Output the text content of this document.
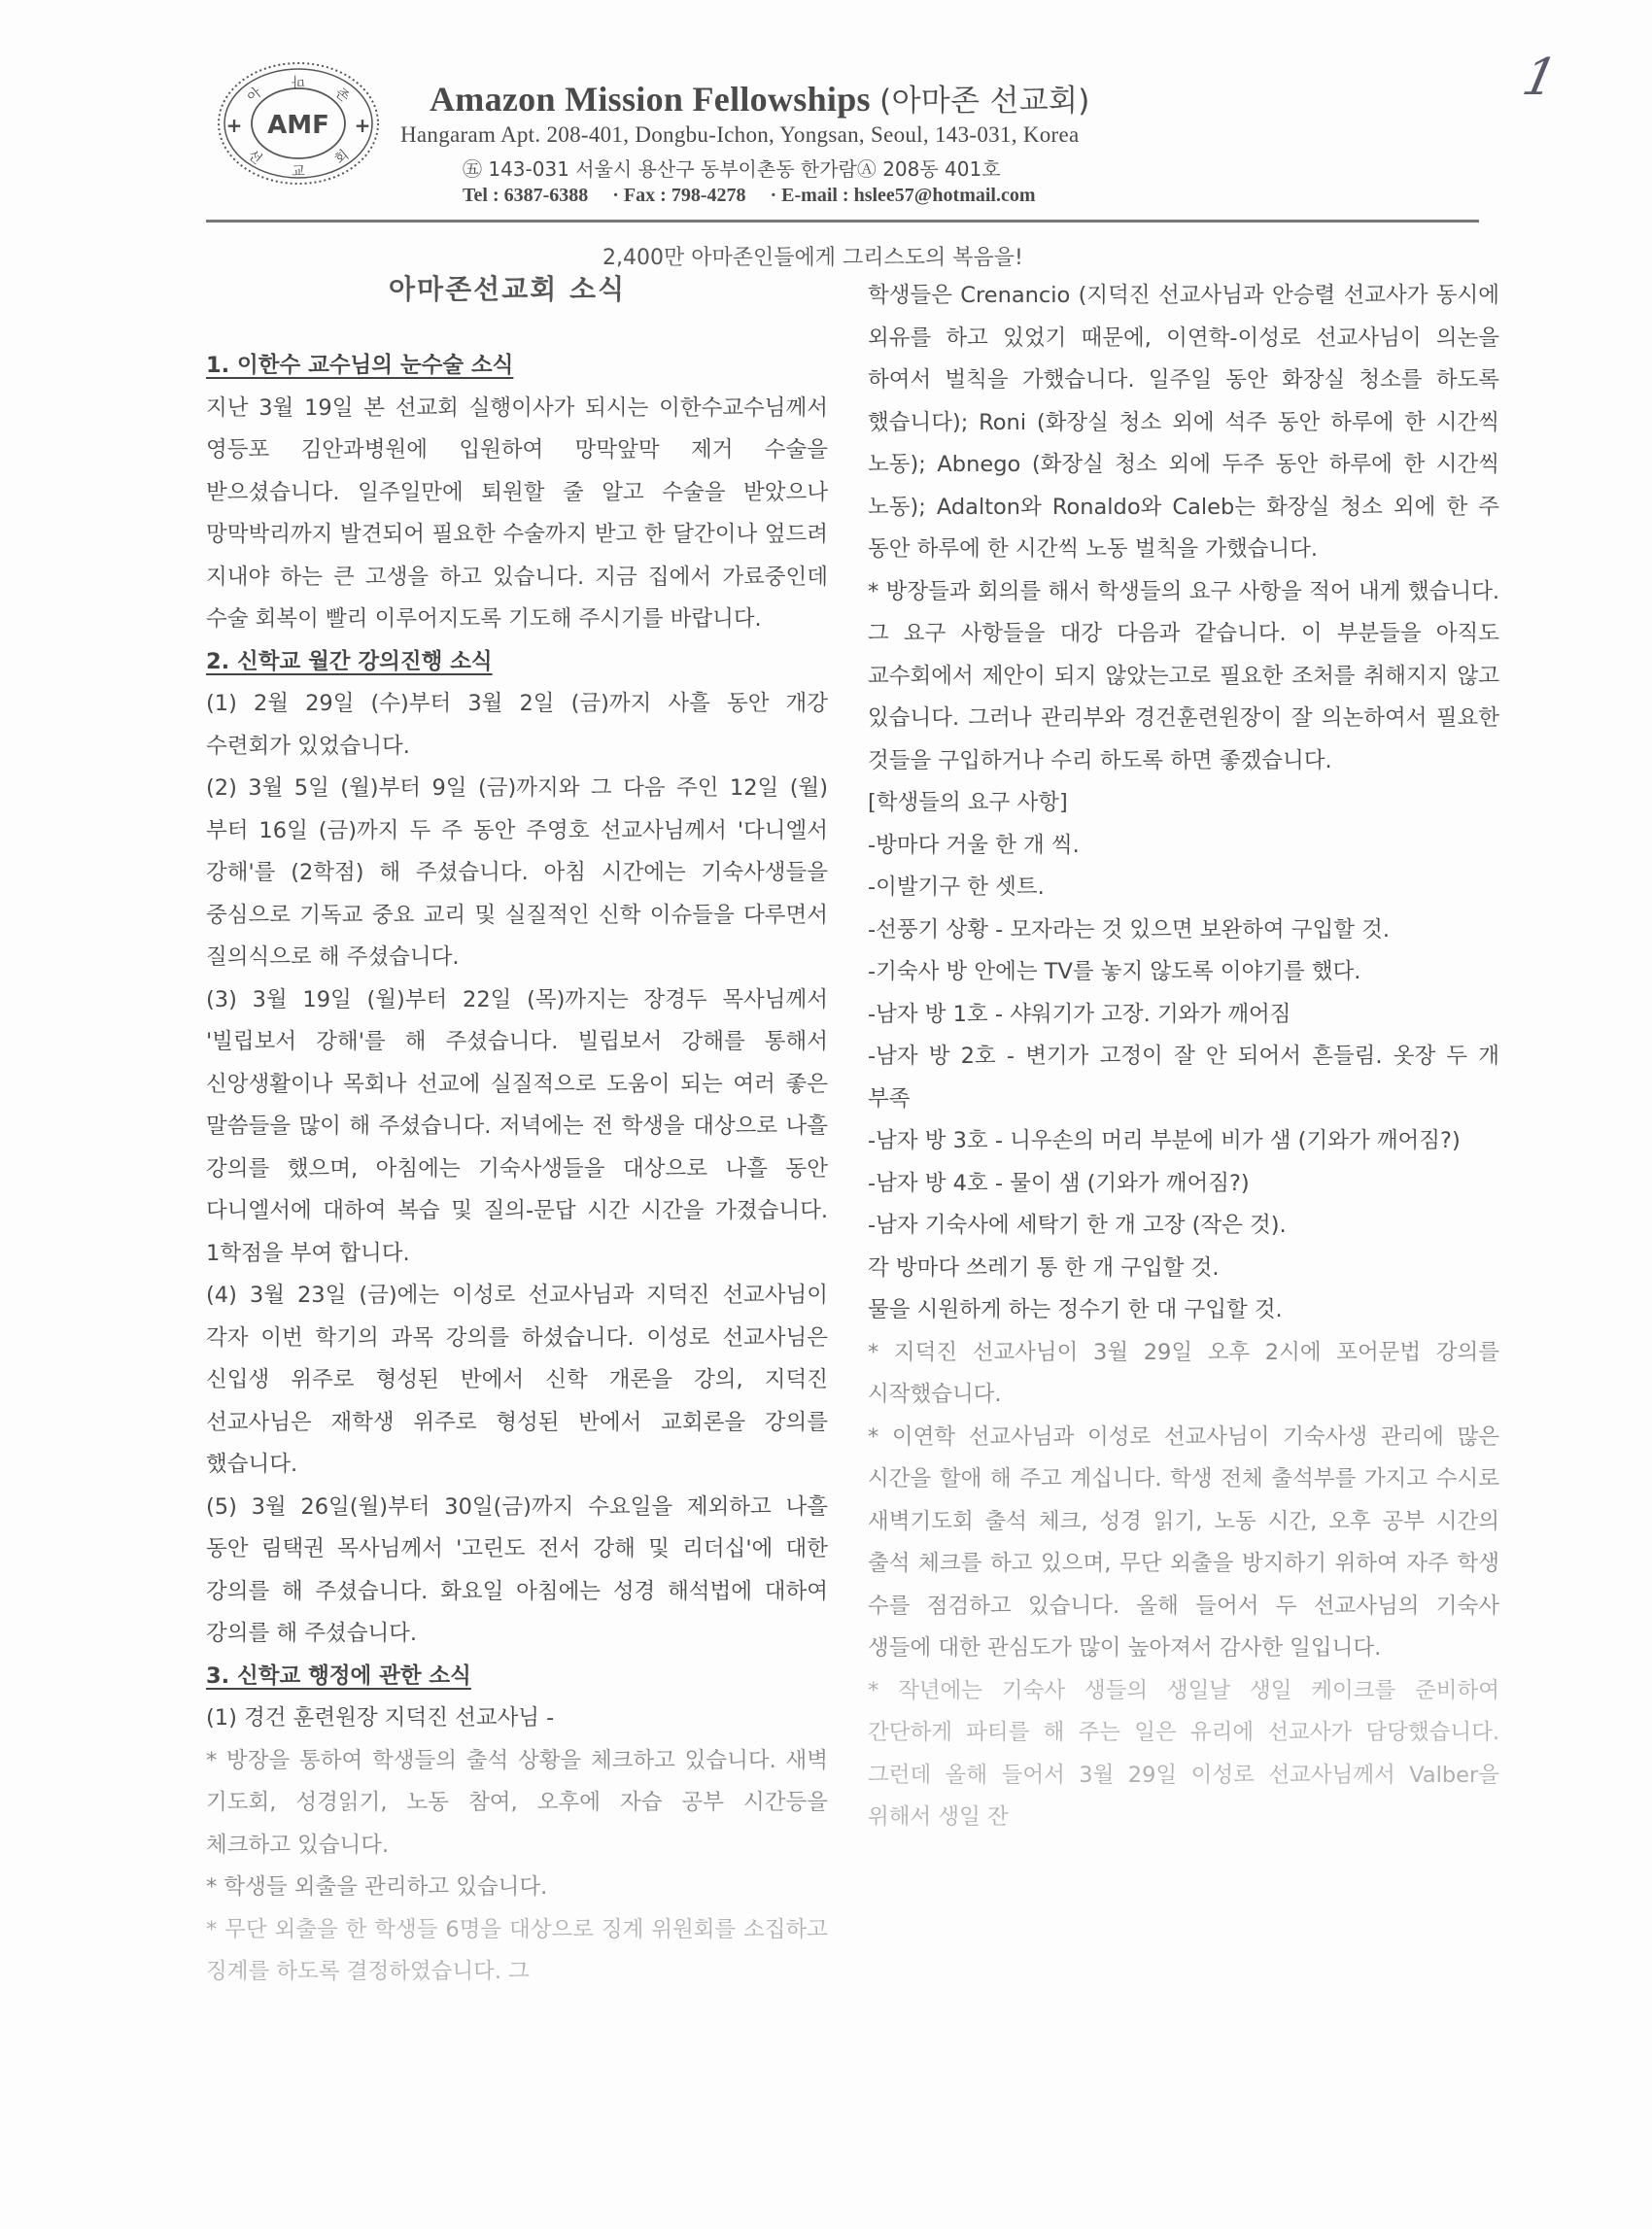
AMF
+	+
마
아	존
선
교
회
1
Amazon Mission Fellowships (아마존 선교회)
Hangaram Apt. 208-401, Dongbu-Ichon, Yongsan, Seoul, 143-031, Korea
㊄ 143-031 서울시 용산구 동부이촌동 한가람Ⓐ 208동 401호
Tel : 6387-6388 · Fax : 798-4278 · E-mail : hslee57@hotmail.com
2,400만 아마존인들에게 그리스도의 복음을!
아마존선교회 소식

1. 이한수 교수님의 눈수술 소식

지난 3월 19일 본 선교회 실행이사가 되시는 이한수교수님께서 영등포 김안과병원에 입원하여 망막앞막 제거 수술을 받으셨습니다. 일주일만에 퇴원할 줄 알고 수술을 받았으나 망막박리까지 발견되어 필요한 수술까지 받고 한 달간이나 엎드려 지내야 하는 큰 고생을 하고 있습니다. 지금 집에서 가료중인데 수술 회복이 빨리 이루어지도록 기도해 주시기를 바랍니다.

2. 신학교 월간 강의진행 소식

(1) 2월 29일 (수)부터 3월 2일 (금)까지 사흘 동안 개강 수련회가 있었습니다.

(2) 3월 5일 (월)부터 9일 (금)까지와 그 다음 주인 12일 (월)부터 16일 (금)까지 두 주 동안 주영호 선교사님께서 '다니엘서 강해'를 (2학점) 해 주셨습니다. 아침 시간에는 기숙사생들을 중심으로 기독교 중요 교리 및 실질적인 신학 이슈들을 다루면서 질의식으로 해 주셨습니다.

(3) 3월 19일 (월)부터 22일 (목)까지는 장경두 목사님께서 '빌립보서 강해'를 해 주셨습니다. 빌립보서 강해를 통해서 신앙생활이나 목회나 선교에 실질적으로 도움이 되는 여러 좋은 말씀들을 많이 해 주셨습니다. 저녁에는 전 학생을 대상으로 나흘 강의를 했으며, 아침에는 기숙사생들을 대상으로 나흘 동안 다니엘서에 대하여 복습 및 질의-문답 시간 시간을 가졌습니다. 1학점을 부여 합니다.

(4) 3월 23일 (금)에는 이성로 선교사님과 지덕진 선교사님이 각자 이번 학기의 과목 강의를 하셨습니다. 이성로 선교사님은 신입생 위주로 형성된 반에서 신학 개론을 강의, 지덕진 선교사님은 재학생 위주로 형성된 반에서 교회론을 강의를 했습니다.

(5) 3월 26일(월)부터 30일(금)까지 수요일을 제외하고 나흘 동안 림택권 목사님께서 '고린도 전서 강해 및 리더십'에 대한 강의를 해 주셨습니다. 화요일 아침에는 성경 해석법에 대하여 강의를 해 주셨습니다.

3. 신학교 행정에 관한 소식

(1) 경건 훈련원장 지덕진 선교사님 -

* 방장을 통하여 학생들의 출석 상황을 체크하고 있습니다. 새벽 기도회, 성경읽기, 노동 참여, 오후에 자습 공부 시간등을 체크하고 있습니다.

* 학생들 외출을 관리하고 있습니다.

* 무단 외출을 한 학생들 6명을 대상으로 징계 위원회를 소집하고 징계를 하도록 결정하였습니다. 그

학생들은 Crenancio (지덕진 선교사님과 안승렬 선교사가 동시에 외유를 하고 있었기 때문에, 이연학-이성로 선교사님이 의논을 하여서 벌칙을 가했습니다. 일주일 동안 화장실 청소를 하도록 했습니다); Roni (화장실 청소 외에 석주 동안 하루에 한 시간씩 노동); Abnego (화장실 청소 외에 두주 동안 하루에 한 시간씩 노동); Adalton와 Ronaldo와 Caleb는 화장실 청소 외에 한 주 동안 하루에 한 시간씩 노동 벌칙을 가했습니다.

* 방장들과 회의를 해서 학생들의 요구 사항을 적어 내게 했습니다. 그 요구 사항들을 대강 다음과 같습니다. 이 부분들을 아직도 교수회에서 제안이 되지 않았는고로 필요한 조처를 취해지지 않고 있습니다. 그러나 관리부와 경건훈련원장이 잘 의논하여서 필요한 것들을 구입하거나 수리 하도록 하면 좋겠습니다.

[학생들의 요구 사항]

-방마다 거울 한 개 씩.

-이발기구 한 셋트.

-선풍기 상황 - 모자라는 것 있으면 보완하여 구입할 것.

-기숙사 방 안에는 TV를 놓지 않도록 이야기를 했다.

-남자 방 1호 - 샤워기가 고장. 기와가 깨어짐

-남자 방 2호 - 변기가 고정이 잘 안 되어서 흔들림. 옷장 두 개 부족

-남자 방 3호 - 니우손의 머리 부분에 비가 샘 (기와가 깨어짐?)

-남자 방 4호 - 물이 샘 (기와가 깨어짐?)

-남자 기숙사에 세탁기 한 개 고장 (작은 것).

각 방마다 쓰레기 통 한 개 구입할 것.

물을 시원하게 하는 정수기 한 대 구입할 것.

* 지덕진 선교사님이 3월 29일 오후 2시에 포어문법 강의를 시작했습니다.

* 이연학 선교사님과 이성로 선교사님이 기숙사생 관리에 많은 시간을 할애 해 주고 계십니다. 학생 전체 출석부를 가지고 수시로 새벽기도회 출석 체크, 성경 읽기, 노동 시간, 오후 공부 시간의 출석 체크를 하고 있으며, 무단 외출을 방지하기 위하여 자주 학생 수를 점검하고 있습니다. 올해 들어서 두 선교사님의 기숙사 생들에 대한 관심도가 많이 높아져서 감사한 일입니다.

* 작년에는 기숙사 생들의 생일날 생일 케이크를 준비하여 간단하게 파티를 해 주는 일은 유리에 선교사가 담당했습니다. 그런데 올해 들어서 3월 29일 이성로 선교사님께서 Valber을 위해서 생일 잔
